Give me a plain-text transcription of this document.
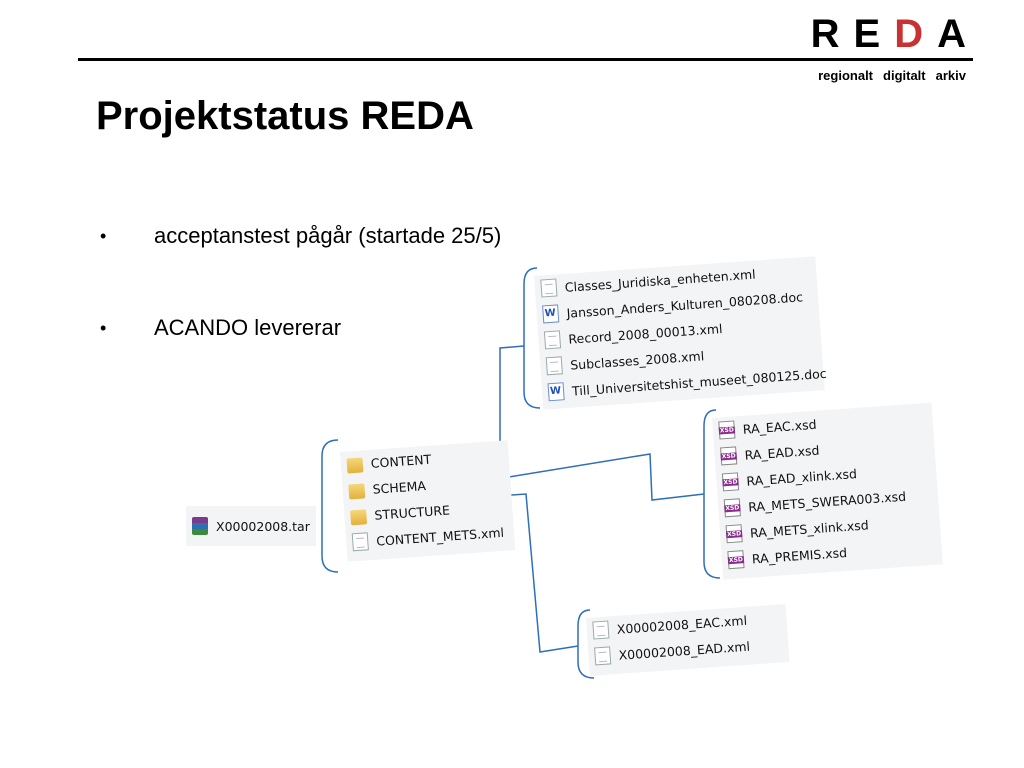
R E D A
regionalt digitalt arkiv
Projektstatus REDA
•	acceptanstest pågår (startade 25/5)
•	ACANDO levererar
X00002008.tar
CONTENT
SCHEMA
STRUCTURE
CONTENT_METS.xml
Classes_Juridiska_enheten.xml
W
Jansson_Anders_Kulturen_080208.doc
Record_2008_00013.xml
Subclasses_2008.xml
W
Till_Universitetshist_museet_080125.doc
XSD
RA_EAC.xsd
XSD
RA_EAD.xsd
XSD
RA_EAD_xlink.xsd
XSD
RA_METS_SWERA003.xsd
XSD
RA_METS_xlink.xsd
XSD
RA_PREMIS.xsd
X00002008_EAC.xml
X00002008_EAD.xml
